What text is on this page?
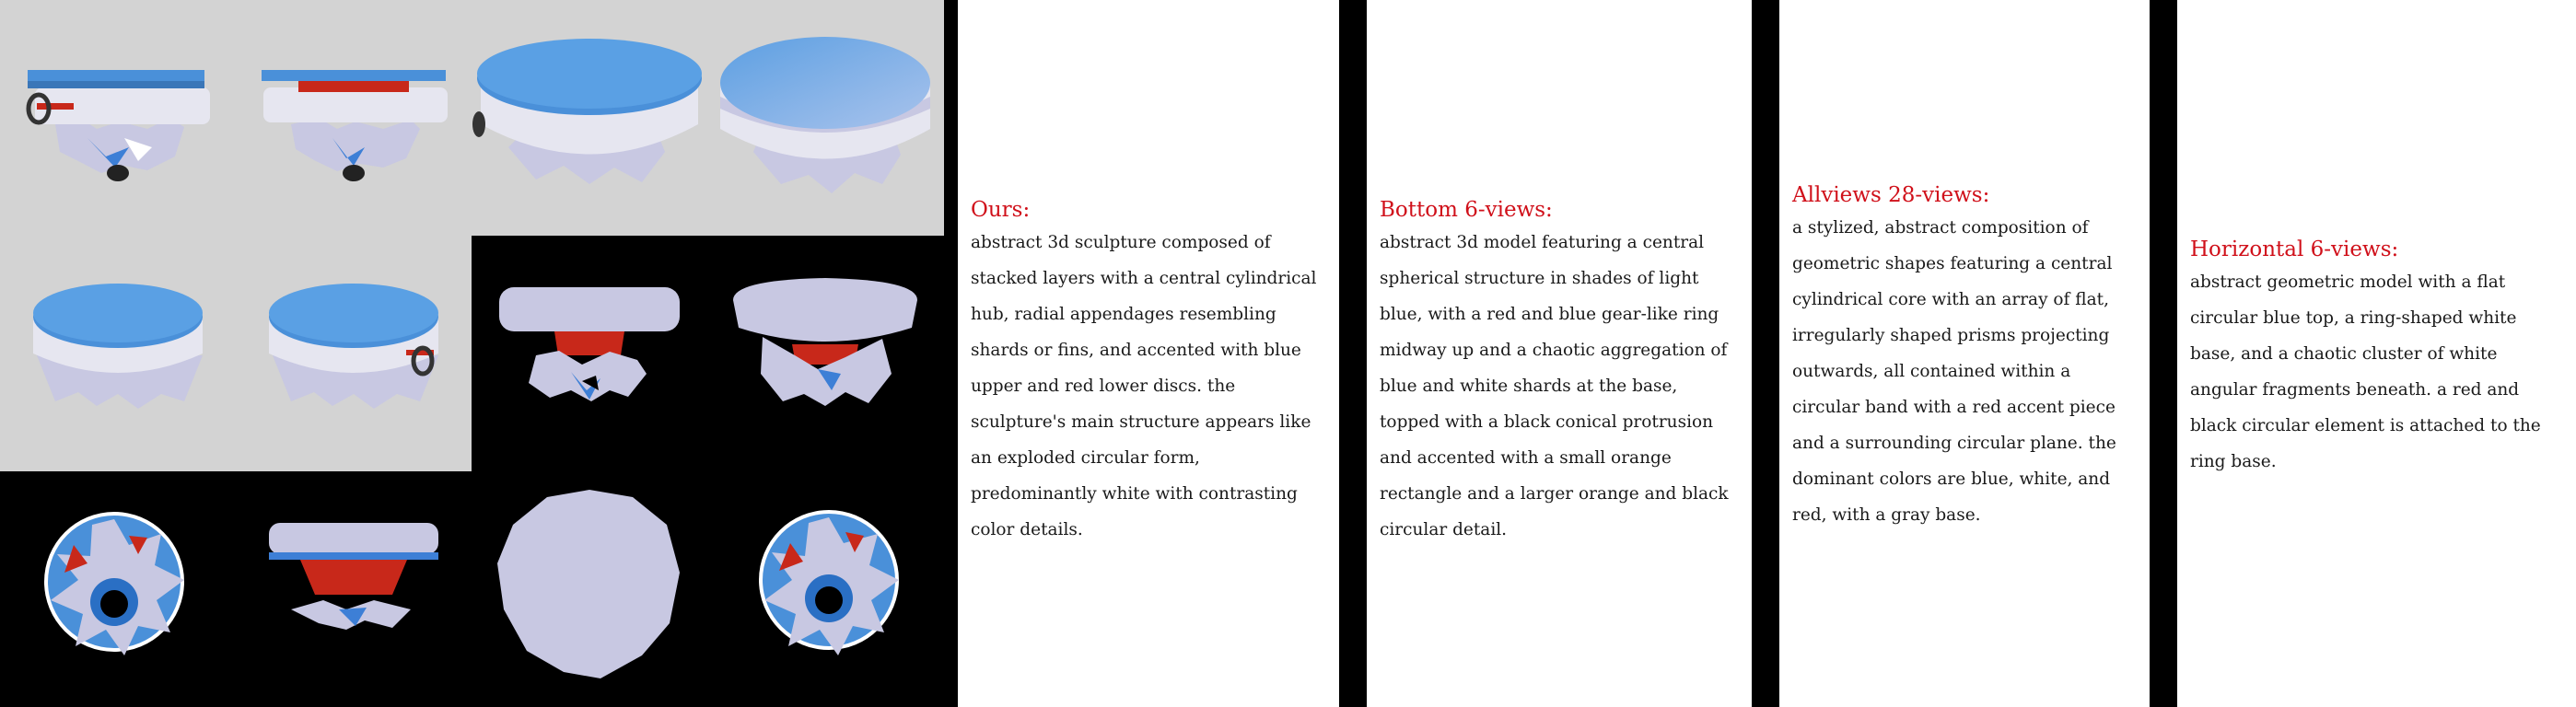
Ours:

abstract 3d sculpture composed of stacked layers with a central cylindrical hub, radial appendages resembling shards or fins, and accented with blue upper and red lower discs. the sculpture's main structure appears like an exploded circular form, predominantly white with contrasting color details.

Bottom 6-views:

abstract 3d model featuring a central spherical structure in shades of light blue, with a red and blue gear-like ring midway up and a chaotic aggregation of blue and white shards at the base, topped with a black conical protrusion and accented with a small orange rectangle and a larger orange and black circular detail.

Allviews 28-views:

a stylized, abstract composition of geometric shapes featuring a central cylindrical core with an array of flat, irregularly shaped prisms projecting outwards, all contained within a circular band with a red accent piece and a surrounding circular plane. the dominant colors are blue, white, and red, with a gray base.

Horizontal 6-views:

abstract geometric model with a flat circular blue top, a ring-shaped white base, and a chaotic cluster of white angular fragments beneath. a red and black circular element is attached to the ring base.
